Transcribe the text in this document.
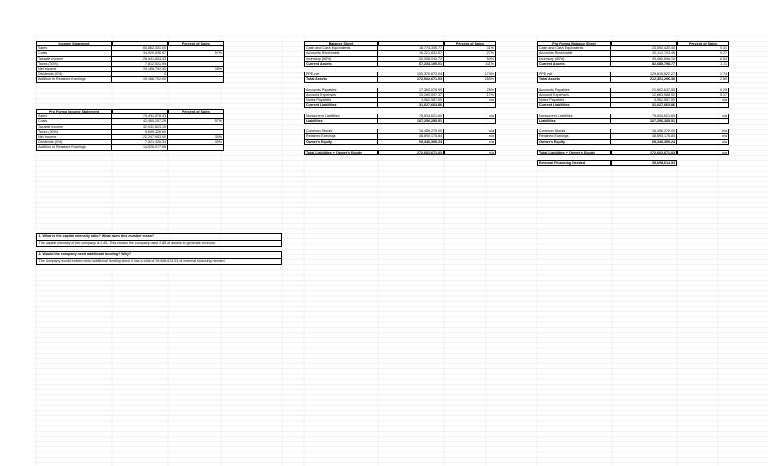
Income Statement	Percent of Sales
Sales	60,862,341.00
Costs	34,920,536.57	57%
Taxable Income	26,941,804.43
Taxes (30%)	7,812,541.99
Net Income	19,168,702.00	35%
Dividends (0%)	0
Addition to Retained Earnings	19,168,702.00
Pro Forma Income Statement	Percent of Sales
Sales	74,491,878.43
Costs	42,460,257.29	57%
Taxable Income	32,031,623.15
Taxes (30%)	9,609,426.60
Net Income	22,347,903.00	30%
Dividends (0%)	7,821,426.34	35%
Addition to Retained Earnings	14,526,077.55
Balance Sheet	Percent of Sales
Cash and Cash Equivalents	18,774,305.77	31%
Accounts Receivable	16,221,832.57	27%
Inventory (60%)	32,098,040.73	53%
Current Assets	67,234,195.01	111%
PPE-net	105,375,673.04	174%
Total Assets	172,602,671.03	285%
Accounts Payables	17,363,078.99	29%
Accrued Expenses	10,289,097.37	17%
Notes Payables	3,962,987.50	n/a
Current Liabilities	31,627,663.86
Noncurrent Liabilities	75,634,621.60	n/a
Liabilities	107,256,285.51
Common Stocks	16,456,270.00	n/a
Retained Earnings	48,890,175.84	n/a
Owner's Equity	65,346,396.24	n/a
Total Liabilities + Owner's Equity	172,602,671.03	n/a
Pro Forma Balance Sheet	Percent of Sales
Cash and Cash Equivalents	23,092,420.40	0.31
Accounts Receivable	20,112,703.45	0.27
Inventory (60%)	39,480,696.10	0.53
Current Assets	82,685,798.77	1.11
PPE-net	129,615,622.27	1.74
Total Assets	212,301,296.36	2.85
Accounts Payables	21,602,647.55	0.29
Accrued Expenses	12,663,588.92	0.17
Notes Payables	3,962,987.50	n/a
Current Liabilities	31,627,663.86
Noncurrent Liabilities	75,634,621.60	n/a
Liabilities	107,256,285.51
Common Stocks	16,456,270.00	n/a
Retained Earnings	48,890,175.84	n/a
Owner's Equity	65,346,396.24	n/a
Total Liabilities + Owner's Equity	172,602,671.03	n/a
External Financing Needed	39,698,614.53
1. What is the capital intensity ratio? What does this number mean?
The capital intensity of the company is 2.85. This means the company used 2.85 of assets to generate revenue.
2. Would the company need additional funding? Why?
The company would indeed need additional funding since it has a total of 39,698,614.53 of external financing needed.
